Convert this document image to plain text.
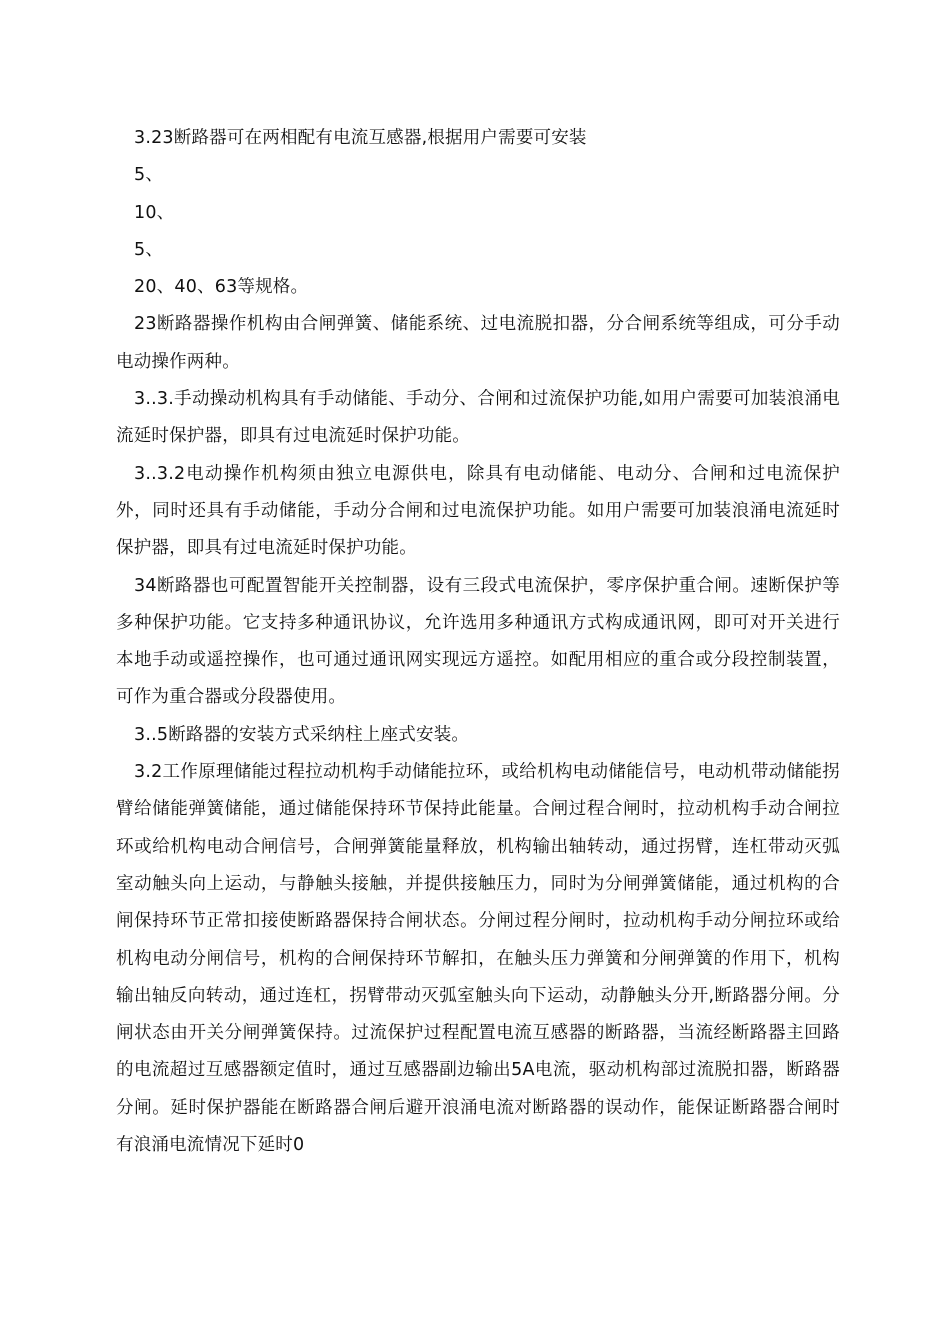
3.23断路器可在两相配有电流互感器,根据用户需要可安装

5、

10、

5、

20、40、63等规格。

23断路器操作机构由合闸弹簧、储能系统、过电流脱扣器，分合闸系统等组成，可分手动电动操作两种。

3..3.手动操动机构具有手动储能、手动分、合闸和过流保护功能,如用户需要可加装浪涌电流延时保护器，即具有过电流延时保护功能。

3..3.2电动操作机构须由独立电源供电，除具有电动储能、电动分、合闸和过电流保护外，同时还具有手动储能，手动分合闸和过电流保护功能。如用户需要可加装浪涌电流延时保护器，即具有过电流延时保护功能。

34断路器也可配置智能开关控制器，设有三段式电流保护，零序保护重合闸。速断保护等多种保护功能。它支持多种通讯协议，允许选用多种通讯方式构成通讯网，即可对开关进行本地手动或遥控操作，也可通过通讯网实现远方遥控。如配用相应的重合或分段控制装置，可作为重合器或分段器使用。

3..5断路器的安装方式采纳柱上座式安装。

3.2工作原理储能过程拉动机构手动储能拉环，或给机构电动储能信号，电动机带动储能拐臂给储能弹簧储能，通过储能保持环节保持此能量。合闸过程合闸时，拉动机构手动合闸拉环或给机构电动合闸信号，合闸弹簧能量释放，机构输出轴转动，通过拐臂，连杠带动灭弧室动触头向上运动，与静触头接触，并提供接触压力，同时为分闸弹簧储能，通过机构的合闸保持环节正常扣接使断路器保持合闸状态。分闸过程分闸时，拉动机构手动分闸拉环或给机构电动分闸信号，机构的合闸保持环节解扣，在触头压力弹簧和分闸弹簧的作用下，机构输出轴反向转动，通过连杠，拐臂带动灭弧室触头向下运动，动静触头分开,断路器分闸。分闸状态由开关分闸弹簧保持。过流保护过程配置电流互感器的断路器，当流经断路器主回路的电流超过互感器额定值时，通过互感器副边输出5A电流，驱动机构部过流脱扣器，断路器分闸。延时保护器能在断路器合闸后避开浪涌电流对断路器的误动作，能保证断路器合闸时有浪涌电流情况下延时0
